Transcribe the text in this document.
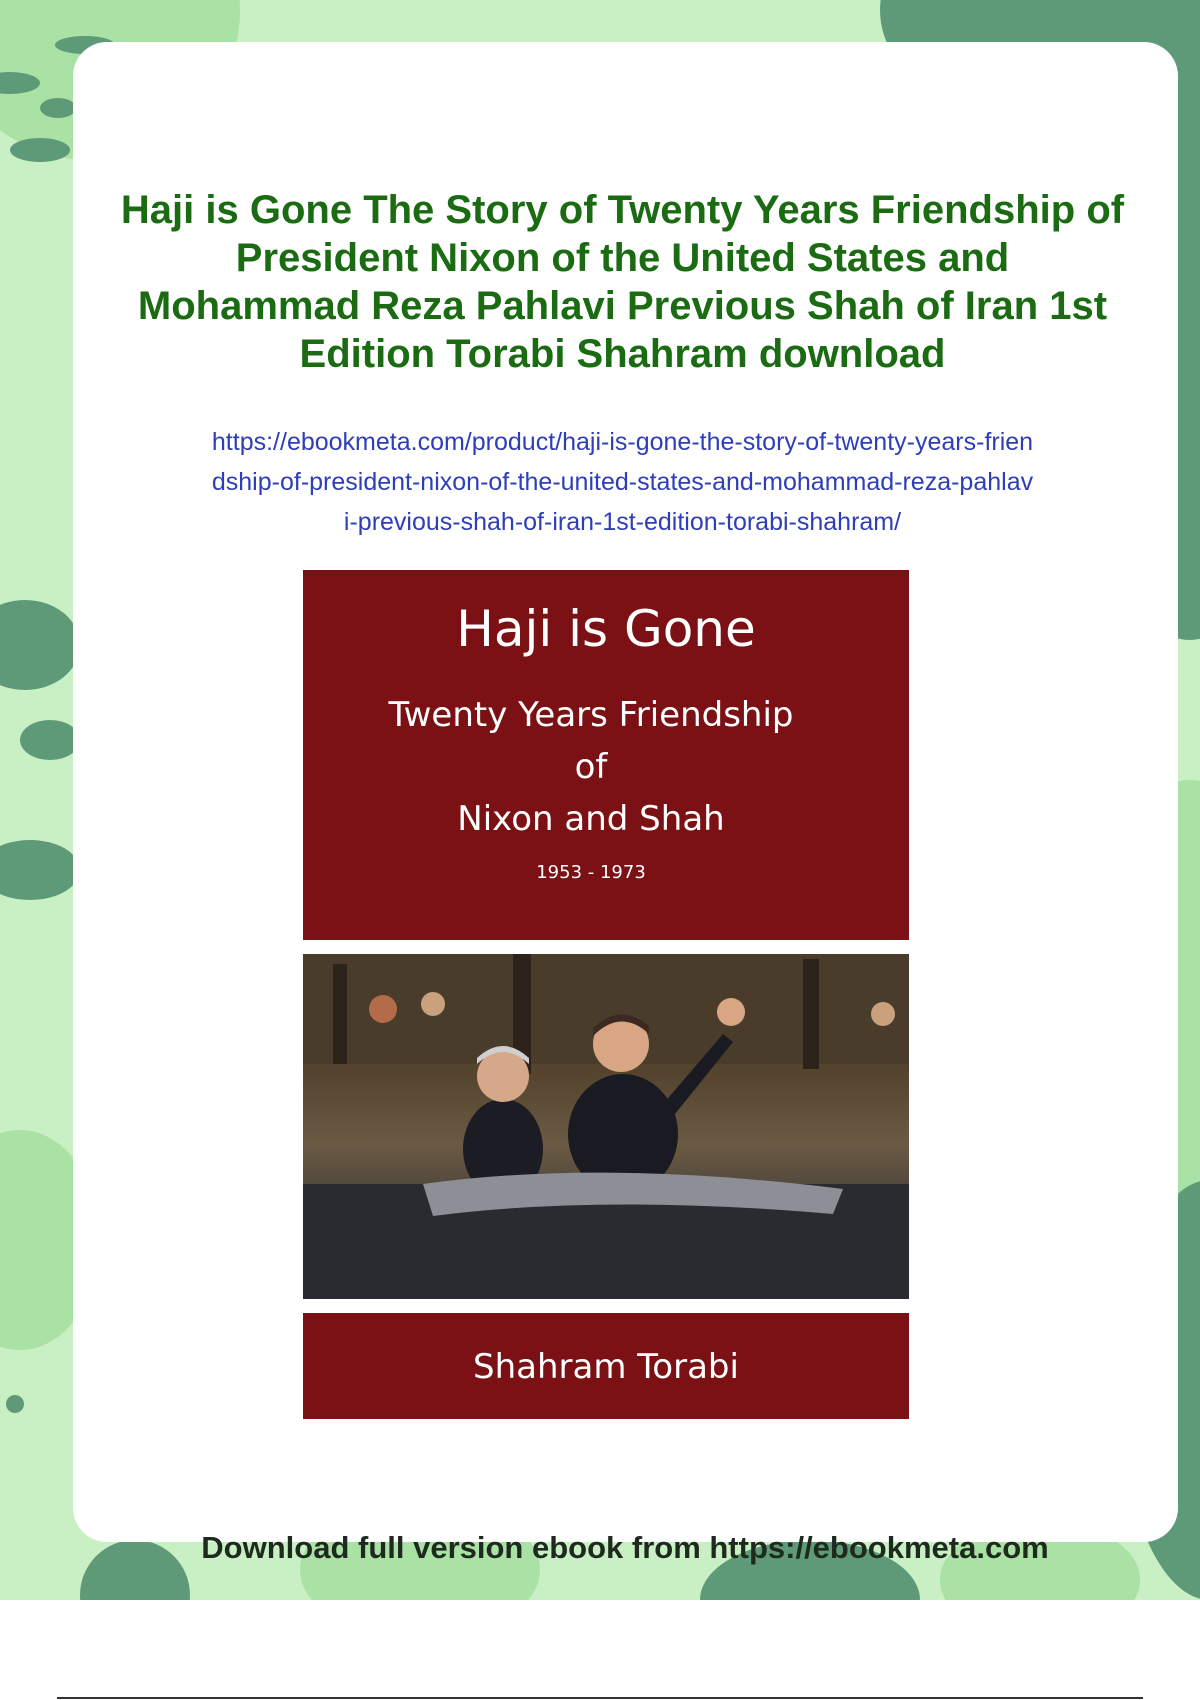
Haji is Gone The Story of Twenty Years Friendship of President Nixon of the United States and Mohammad Reza Pahlavi Previous Shah of Iran 1st Edition Torabi Shahram download
https://ebookmeta.com/product/haji-is-gone-the-story-of-twenty-years-friendship-of-president-nixon-of-the-united-states-and-mohammad-reza-pahlavi-previous-shah-of-iran-1st-edition-torabi-shahram/
Haji is Gone
Twenty Years Friendship
of
Nixon and Shah
1953 - 1973
Shahram Torabi
Download full version ebook from https://ebookmeta.com
